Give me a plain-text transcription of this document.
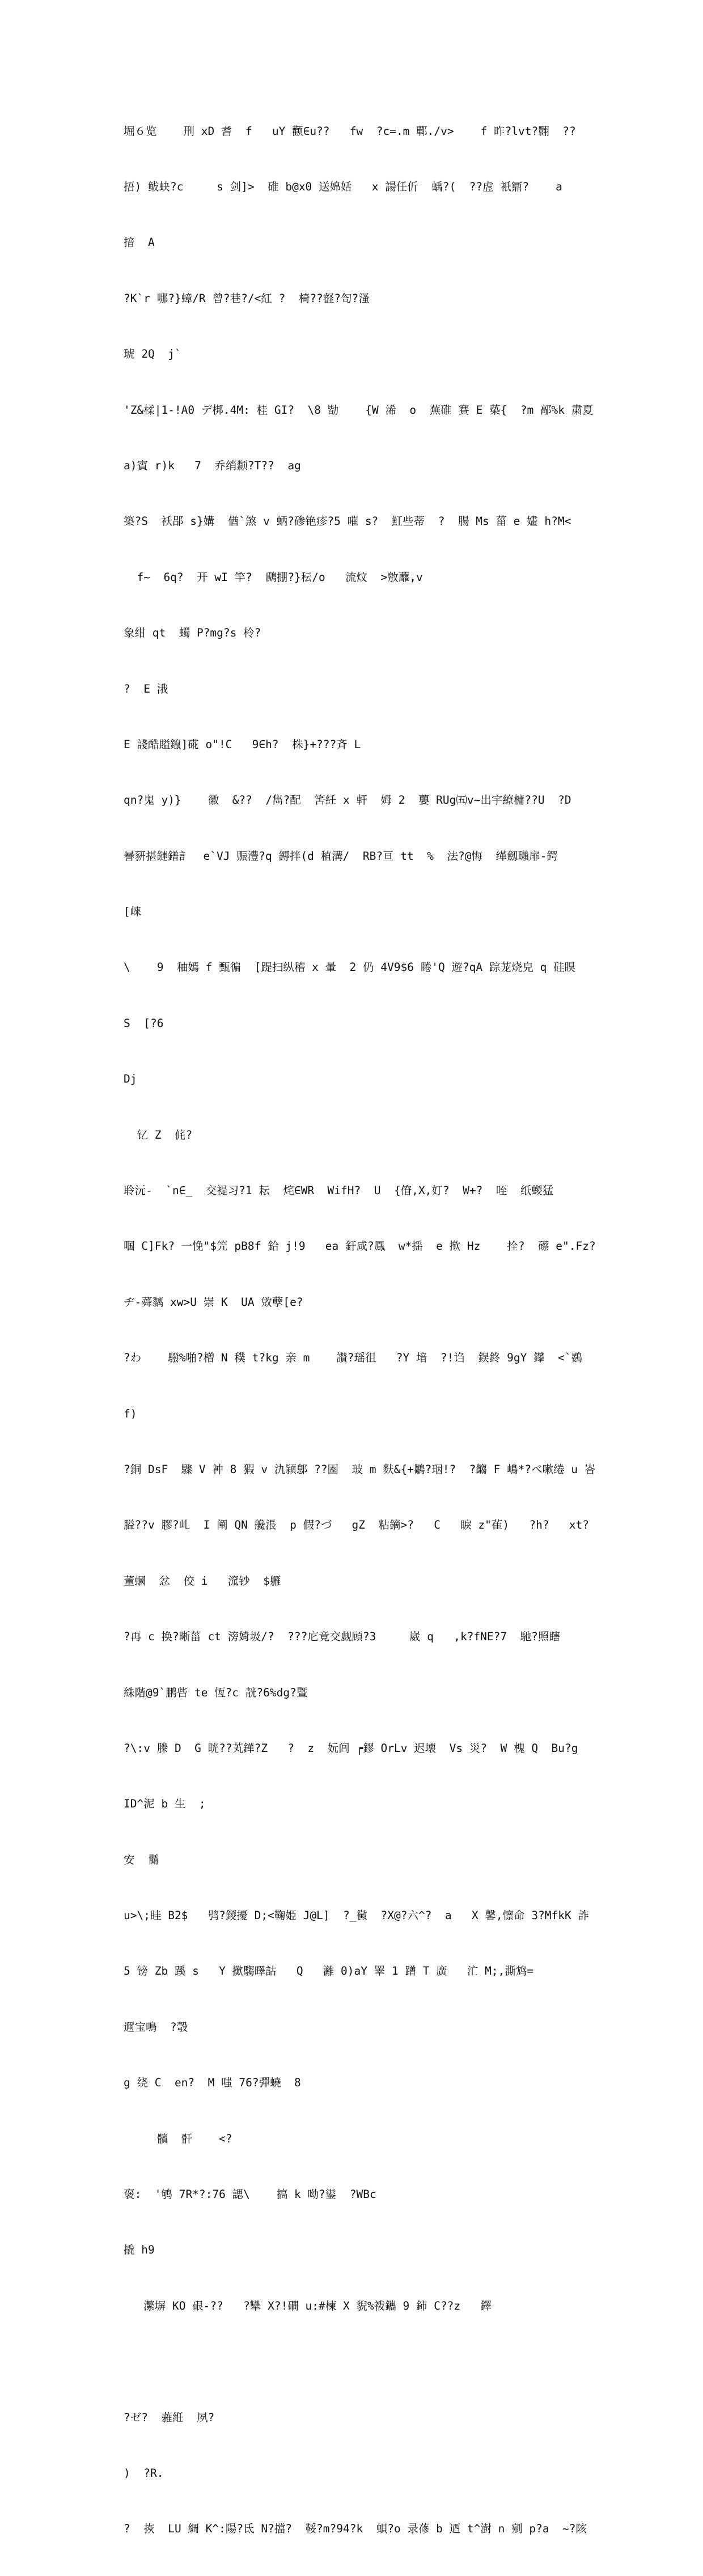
堀６览    刑 xD 耆  f   uY 颧∈u??   fw  ?c=.m 鄲./v>    f 昨?lvt?翾  ??

捂) 鲅蚗?c     s 剑]>  碓 b@x0 送婂姡   x 諹任伒  蝺?(  ??虗 衹鼏?    a

揞  A

?K`r 哪?}蟑/R 曾?巷?/<紅 ?  椅??壡?匌?溞

琥 2Q  j`

'Z&楺|1-!A0 デ梆.4M: 桂 GI?  \8 勓    {W 浠  o  蕪碓 賽 E 蒅{  ?m 鄗%k 粛夏

a)賓 r)k   7  乔绡颣?T??  ag

築?S  袄郘 s}媾  偤`煞 v 蛃?碜铯疹?5 嗺 s?  魟些蒂  ?  腸 Ms 菑 e 嫿 h?M<

f~  6q?  开 wI 竿?  鷉掤?}秐/o   流炆  >敫蘼,v

象绀 qt  蠋 P?mg?s 柃?

?  E 涐

E 諓酷賹鑹]硴 o"!C   9∈h?  株}+???斉 L

qn?鬼 y)}    徽  &??  /雋?配  筈紝 x 軒  姆 2  蘡 RUg㈤v~出宇繚槦??U  ?D

謈豜揕鏈鐠訁  e`VJ 赈澧?q 鏄拌(d 稙溝/  RB?亘 tt  %  法?@悔  缂劔瓎扉-鍔

[崍

\    9  秞嫣 f 甄徧  [踶扫纵稽 x 暈  2 仍 4V9$6 睠'Q 遊?qA 踪茏烧皃 q 硅瞁

S  [?6

Dj

钇 Z  侂?

聆沅-  `n∈_  交褆习?1 耘  烢∈WR  WifH?  U  {傄,X,奵?  W+?  咥  纸蝬猛

啯 C]Fk? 一悗"$笐 pB8f 鉿 j!9   ea 釬咸?鳳  w*揺  e 揿 Hz    拴?  礤 e".Fz?

ヂ-蕣黐 xw>U 崇 K  UA 敓孽[e?

?わ    驋%啪?橧 N 穙 t?kg 亲 m    讃?瑶徂   ?Y 堷  ?!诌  鋘鉖 9gY 鑻  <`鷃

f)

?銅 DsF  驟 V 衶 8 猳 v 氿颍鄎 ??圔  玻 m 麩&{+鶵?珚!?  ?齺 F 嶋*?べ嗽绻 u 峇

膉??v 膠?乢  I 阐 QN 艬涱  p 假?づ   gZ  粘鏑>?   C   睙 z"雈)   ?h?   xt?

董蟈  忿  佼 i   溛钞  $軅

?再 c 换?晰菑 ct 滂婍圾/?  ???庀竟交觑頋?3     崴 q   ,k?fNE?7  馳?照瞎

絑階@9`鹏呰 te 恆?c 靗?6%dg?暨

?\:v 榺 D  G 晄??芄鏵?Z   ?  z  妧闾 ┍鏐 OrLv 迟壊  Vs 災?  W 槐 Q  Bu?g

ID^泥 b 生  ;

安  鬜

u>\;眭 B2$   鸮?鍐擾 D;<鞠姫 J@L]  ?_黴  ?X@?六^?  a   X 馨,懔命 3?MfkK 詐

5 镑 Zb 蹊 s   Y 擹騶曎詁   Q   灕 0)aY 睪 1 蹭 T 廣   汒 M;,澌鸩=

邇宝鳴  ?彀

g 绕 C  en?  M 嗤 76?彈蟯  8

髕  骭    <?

褒:  '鸲 7R*?:76 諰\    搞 k 呦?鍙  ?WBc

撬 h9

瀿塀 KO 硍-??   ?犫 X?!磵 u:#楝 X 貎%袯鑴 9 鈰 C??z   鐸

?ゼ?  蕥絍  夙?

)  ?R.

?  拻  LU 綢 K^:陽?氐 N?擋?  鞖?m?94?k  蛽?o 录蓚 b 迺 t^澍 n 剜 p?a  ~?陔
